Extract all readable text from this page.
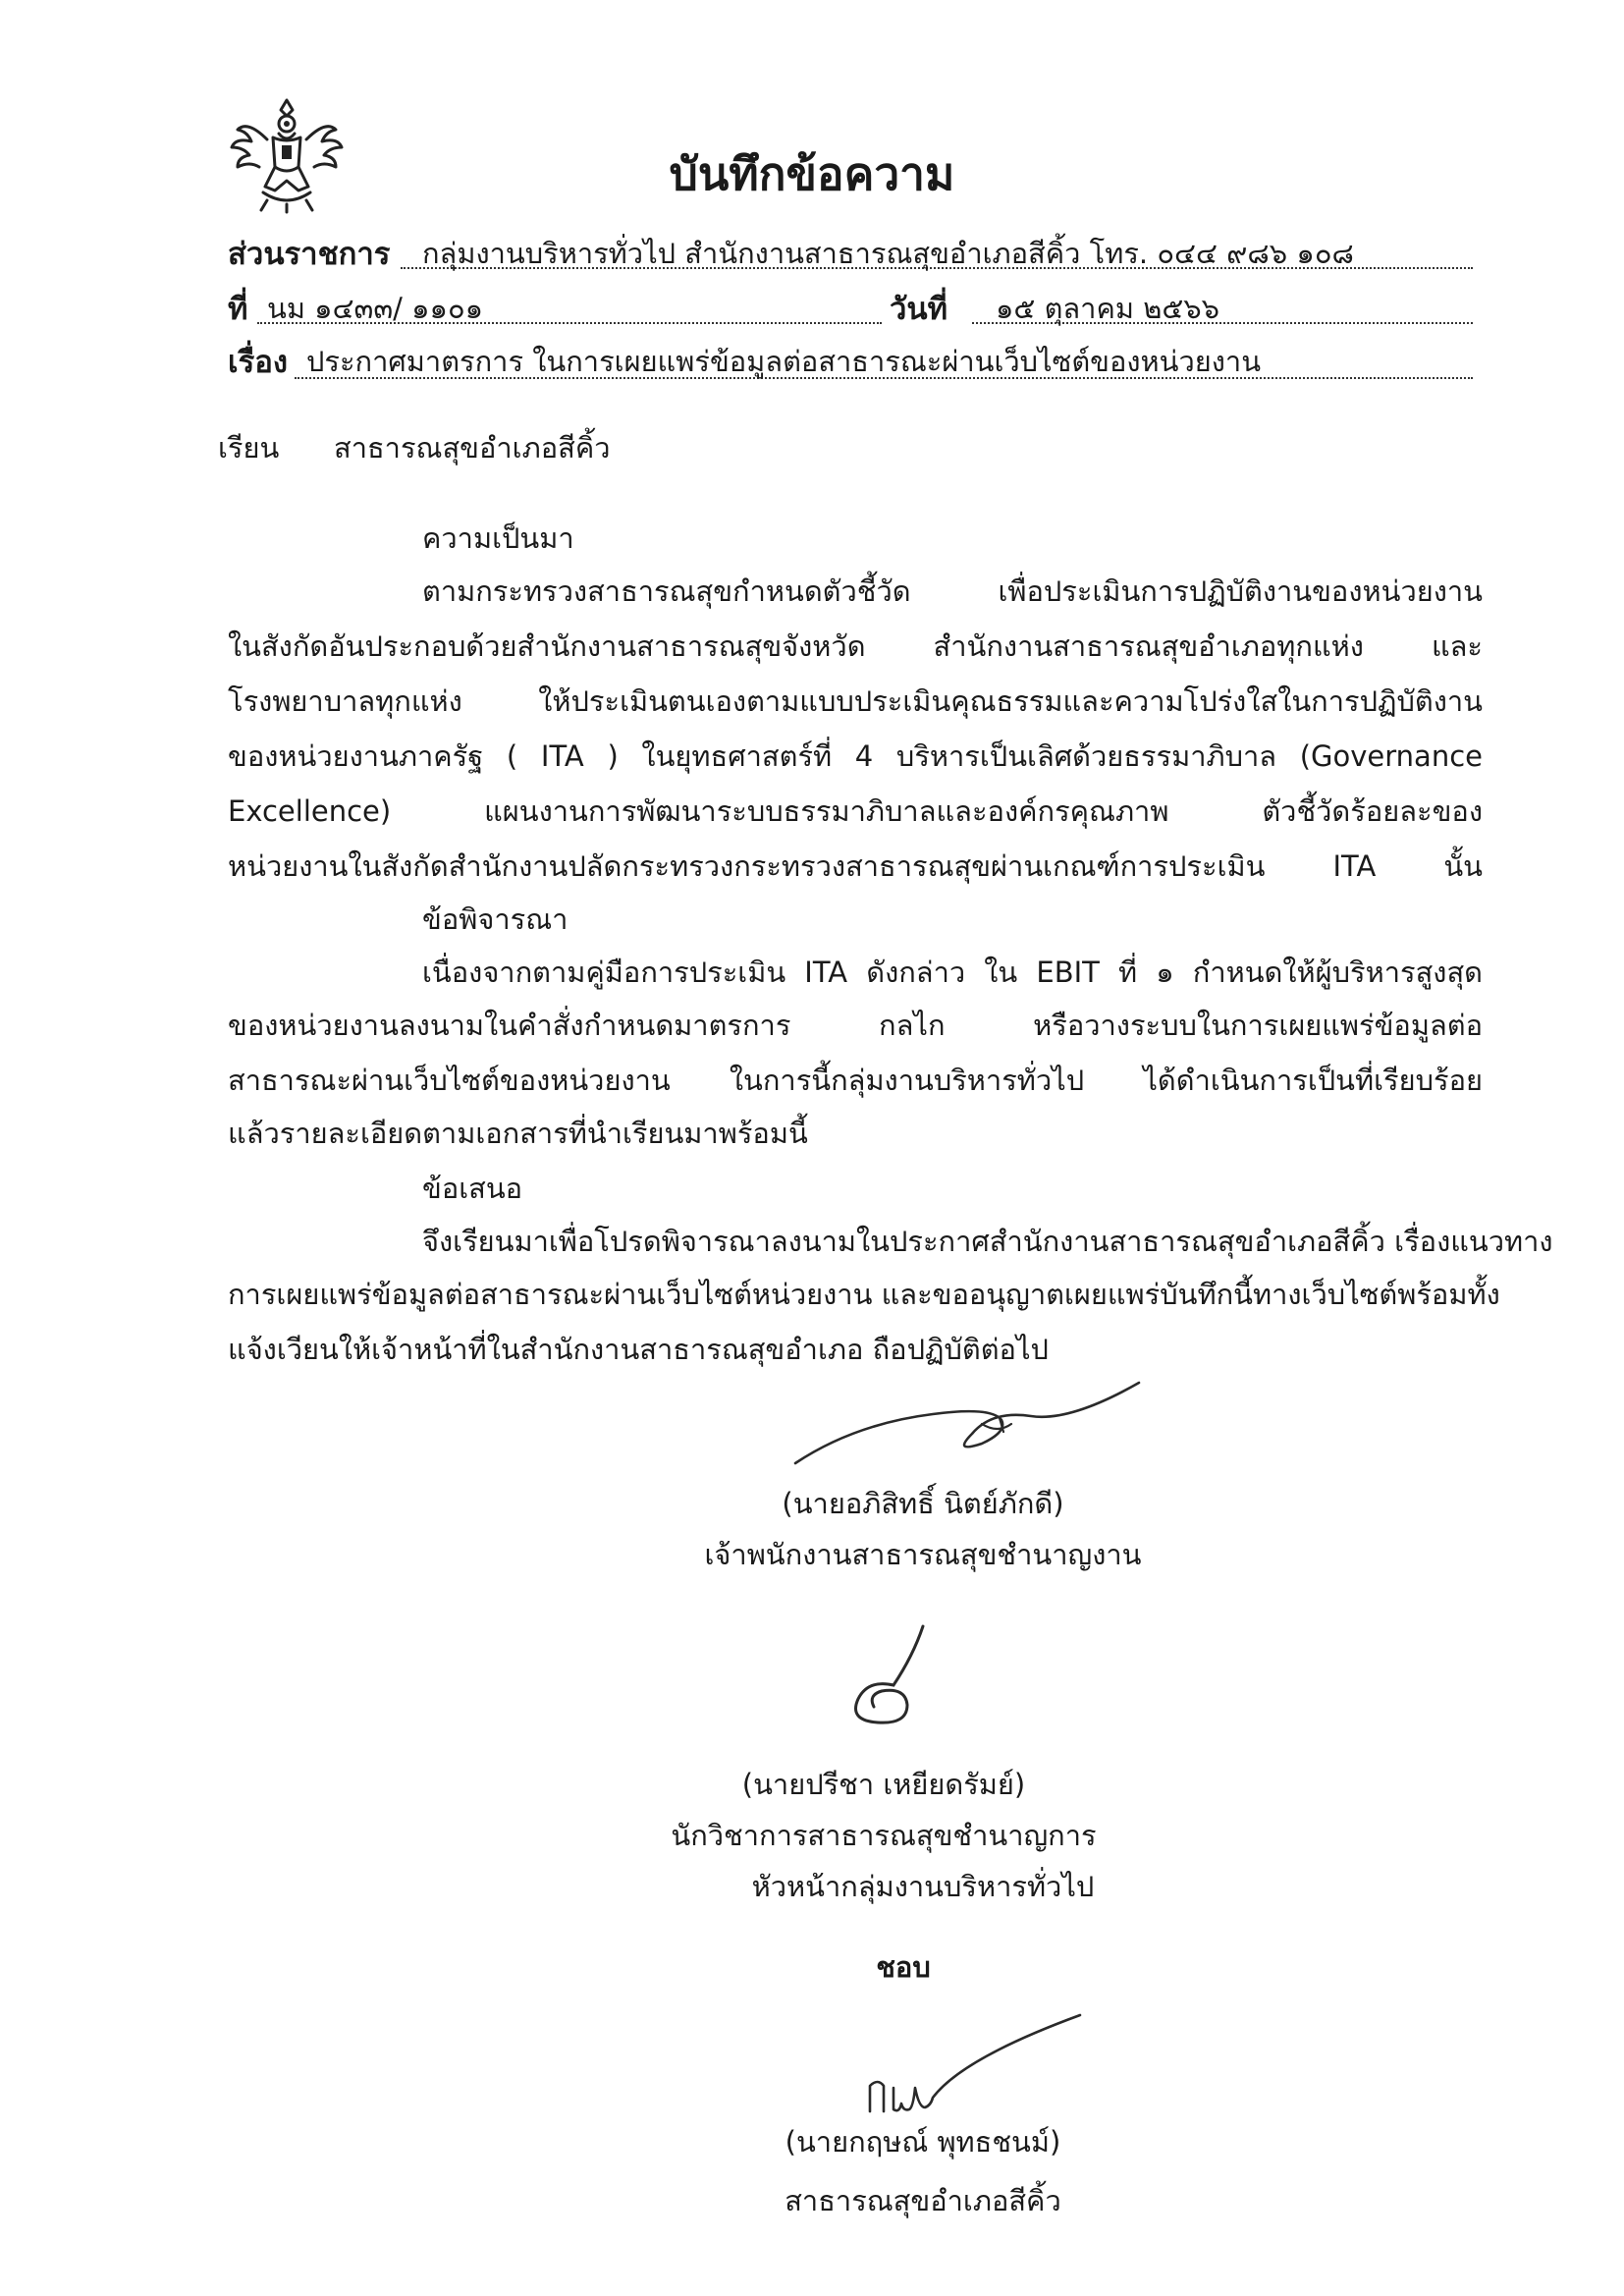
บันทึกข้อความ
ส่วนราชการ กลุ่มงานบริหารทั่วไป สำนักงานสาธารณสุขอำเภอสีคิ้ว โทร. ๐๔๔ ๙๘๖ ๑๐๘
ที่ นม ๑๔๓๓/ ๑๑๐๑	วันที่ ๑๕ ตุลาคม ๒๕๖๖
เรื่อง ประกาศมาตรการ ในการเผยแพร่ข้อมูลต่อสาธารณะผ่านเว็บไซต์ของหน่วยงาน
เรียน สาธารณสุขอำเภอสีคิ้ว
ความเป็นมา
ตามกระทรวงสาธารณสุขกำหนดตัวชี้วัด เพื่อประเมินการปฏิบัติงานของหน่วยงาน
ในสังกัดอันประกอบด้วยสำนักงานสาธารณสุขจังหวัด สำนักงานสาธารณสุขอำเภอทุกแห่ง และ
โรงพยาบาลทุกแห่ง ให้ประเมินตนเองตามแบบประเมินคุณธรรมและความโปร่งใสในการปฏิบัติงาน
ของหน่วยงานภาครัฐ ( ITA ) ในยุทธศาสตร์ที่ 4 บริหารเป็นเลิศด้วยธรรมาภิบาล (Governance
Excellence) แผนงานการพัฒนาระบบธรรมาภิบาลและองค์กรคุณภาพ ตัวชี้วัดร้อยละของ
หน่วยงานในสังกัดสำนักงานปลัดกระทรวงกระทรวงสาธารณสุขผ่านเกณฑ์การประเมิน ITA นั้น
ข้อพิจารณา
เนื่องจากตามคู่มือการประเมิน ITA ดังกล่าว ใน EBIT ที่ ๑ กำหนดให้ผู้บริหารสูงสุด
ของหน่วยงานลงนามในคำสั่งกำหนดมาตรการ กลไก หรือวางระบบในการเผยแพร่ข้อมูลต่อ
สาธารณะผ่านเว็บไซต์ของหน่วยงาน ในการนี้กลุ่มงานบริหารทั่วไป ได้ดำเนินการเป็นที่เรียบร้อย
แล้วรายละเอียดตามเอกสารที่นำเรียนมาพร้อมนี้
ข้อเสนอ
จึงเรียนมาเพื่อโปรดพิจารณาลงนามในประกาศสำนักงานสาธารณสุขอำเภอสีคิ้ว เรื่องแนวทาง
การเผยแพร่ข้อมูลต่อสาธารณะผ่านเว็บไซต์หน่วยงาน และขออนุญาตเผยแพร่บันทึกนี้ทางเว็บไซต์พร้อมทั้ง
แจ้งเวียนให้เจ้าหน้าที่ในสำนักงานสาธารณสุขอำเภอ ถือปฏิบัติต่อไป
(นายอภิสิทธิ์ นิตย์ภักดี)
เจ้าพนักงานสาธารณสุขชำนาญงาน
(นายปรีชา เหยียดรัมย์)
นักวิชาการสาธารณสุขชำนาญการ
หัวหน้ากลุ่มงานบริหารทั่วไป
ชอบ
(นายกฤษณ์ พุทธชนม์)
สาธารณสุขอำเภอสีคิ้ว
